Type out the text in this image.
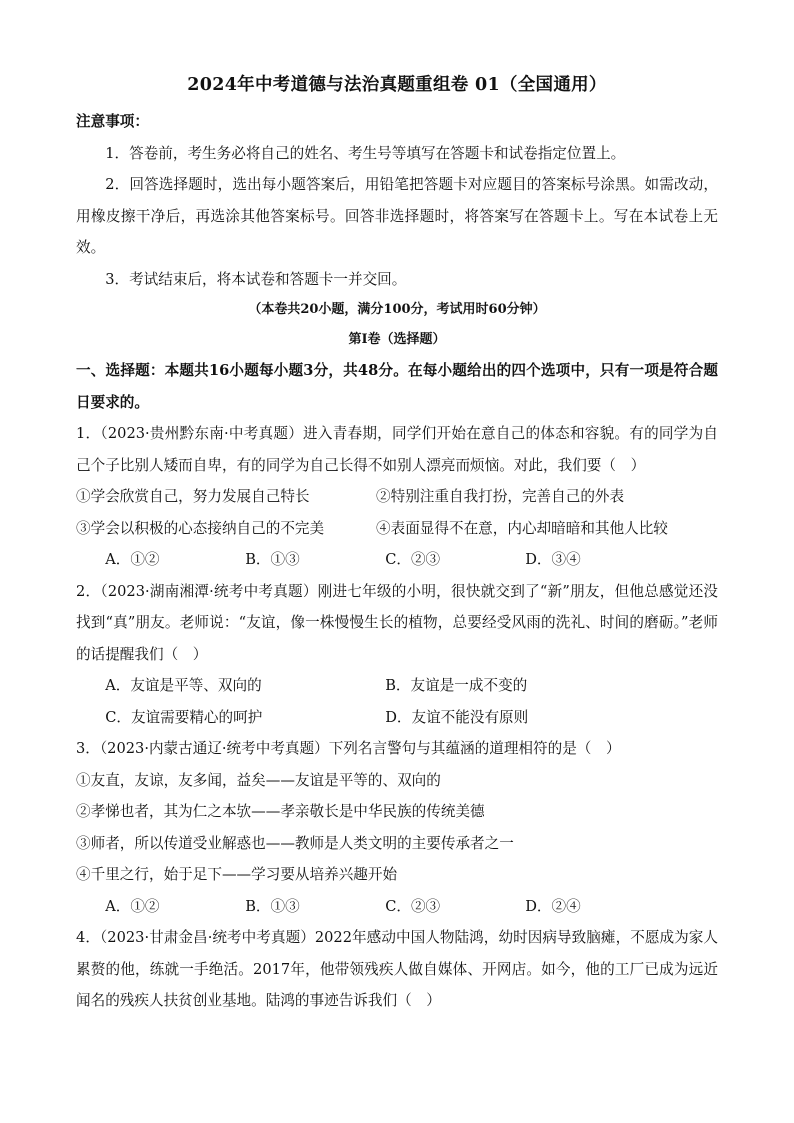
2024年中考道德与法治真题重组卷 01（全国通用）

注意事项：

1．答卷前，考生务必将自己的姓名、考生号等填写在答题卡和试卷指定位置上。

2．回答选择题时，选出每小题答案后，用铅笔把答题卡对应题目的答案标号涂黑。如需改动，用橡皮擦干净后，再选涂其他答案标号。回答非选择题时，将答案写在答题卡上。写在本试卷上无效。

3．考试结束后，将本试卷和答题卡一并交回。

（本卷共20小题，满分100分，考试用时60分钟）

第Ⅰ卷（选择题）

一、选择题：本题共16小题每小题3分，共48分。在每小题给出的四个选项中，只有一项是符合题日要求的。

1．（2023·贵州黔东南·中考真题）进入青春期，同学们开始在意自己的体态和容貌。有的同学为自己个子比别人矮而自卑，有的同学为自己长得不如别人漂亮而烦恼。对此，我们要（　）

①学会欣赏自己，努力发展自己特长	②特别注重自我打扮，完善自己的外表
③学会以积极的心态接纳自己的不完美	④表面显得不在意，内心却暗暗和其他人比较
A．①②	B．①③	C．②③	D．③④

2．（2023·湖南湘潭·统考中考真题）刚进七年级的小明，很快就交到了“新”朋友，但他总感觉还没找到“真”朋友。老师说：“友谊，像一株慢慢生长的植物，总要经受风雨的洗礼、时间的磨砺。”老师的话提醒我们（　）

A．友谊是平等、双向的	B．友谊是一成不变的
C．友谊需要精心的呵护	D．友谊不能没有原则

3．（2023·内蒙古通辽·统考中考真题）下列名言警句与其蕴涵的道理相符的是（　）

①友直，友谅，友多闻，益矣——友谊是平等的、双向的

②孝悌也者，其为仁之本欤——孝亲敬长是中华民族的传统美德

③师者，所以传道受业解惑也——教师是人类文明的主要传承者之一

④千里之行，始于足下——学习要从培养兴趣开始

A．①②	B．①③	C．②③	D．②④

4．（2023·甘肃金昌·统考中考真题）2022年感动中国人物陆鸿，幼时因病导致脑瘫，不愿成为家人累赘的他，练就一手绝活。2017年，他带领残疾人做自媒体、开网店。如今，他的工厂已成为远近闻名的残疾人扶贫创业基地。陆鸿的事迹告诉我们（　）
